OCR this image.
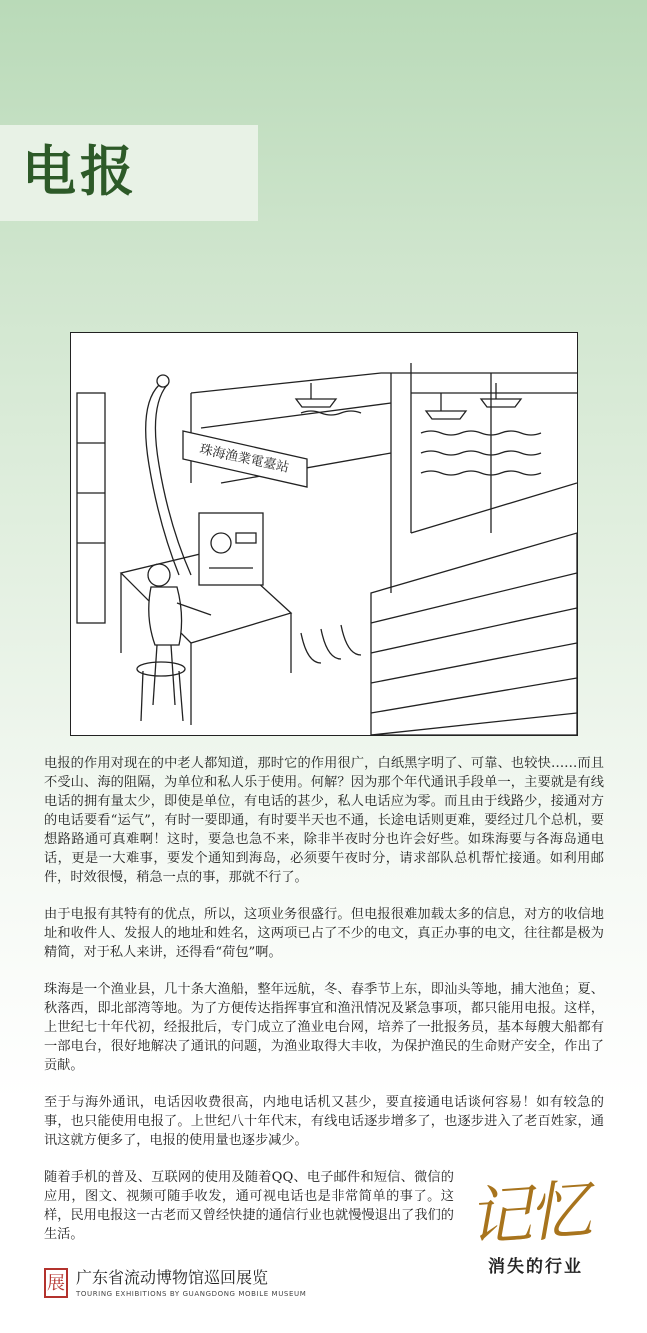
电报
珠海渔業電臺站

电报的作用对现在的中老人都知道，那时它的作用很广，白纸黑字明了、可靠、也较快……而且不受山、海的阻隔，为单位和私人乐于使用。何解？因为那个年代通讯手段单一，主要就是有线电话的拥有量太少，即使是单位，有电话的甚少，私人电话应为零。而且由于线路少，接通对方的电话要看“运气”，有时一要即通，有时要半天也不通，长途电话则更难，要经过几个总机，要想路路通可真难啊！这时，要急也急不来，除非半夜时分也许会好些。如珠海要与各海岛通电话，更是一大难事，要发个通知到海岛，必须要午夜时分，请求部队总机帮忙接通。如利用邮件，时效很慢，稍急一点的事，那就不行了。

由于电报有其特有的优点，所以，这项业务很盛行。但电报很难加载太多的信息，对方的收信地址和收件人、发报人的地址和姓名，这两项已占了不少的电文，真正办事的电文，往往都是极为精简，对于私人来讲，还得看“荷包”啊。

珠海是一个渔业县，几十条大渔船，整年远航，冬、春季节上东，即汕头等地，捕大池鱼；夏、秋落西，即北部湾等地。为了方便传达指挥事宜和渔汛情况及紧急事项，都只能用电报。这样，上世纪七十年代初，经报批后，专门成立了渔业电台网，培养了一批报务员，基本每艘大船都有一部电台，很好地解决了通讯的问题，为渔业取得大丰收，为保护渔民的生命财产安全，作出了贡献。

至于与海外通讯，电话因收费很高，内地电话机又甚少，要直接通电话谈何容易！如有较急的事，也只能使用电报了。上世纪八十年代末，有线电话逐步增多了，也逐步进入了老百姓家，通讯这就方便多了，电报的使用量也逐步减少。

随着手机的普及、互联网的使用及随着QQ、电子邮件和短信、微信的应用，图文、视频可随手收发，通可视电话也是非常简单的事了。这样，民用电报这一古老而又曾经快捷的通信行业也就慢慢退出了我们的生活。

展 广东省流动博物馆巡回展览
TOURING EXHIBITIONS BY GUANGDONG MOBILE MUSEUM
记忆
消失的行业
